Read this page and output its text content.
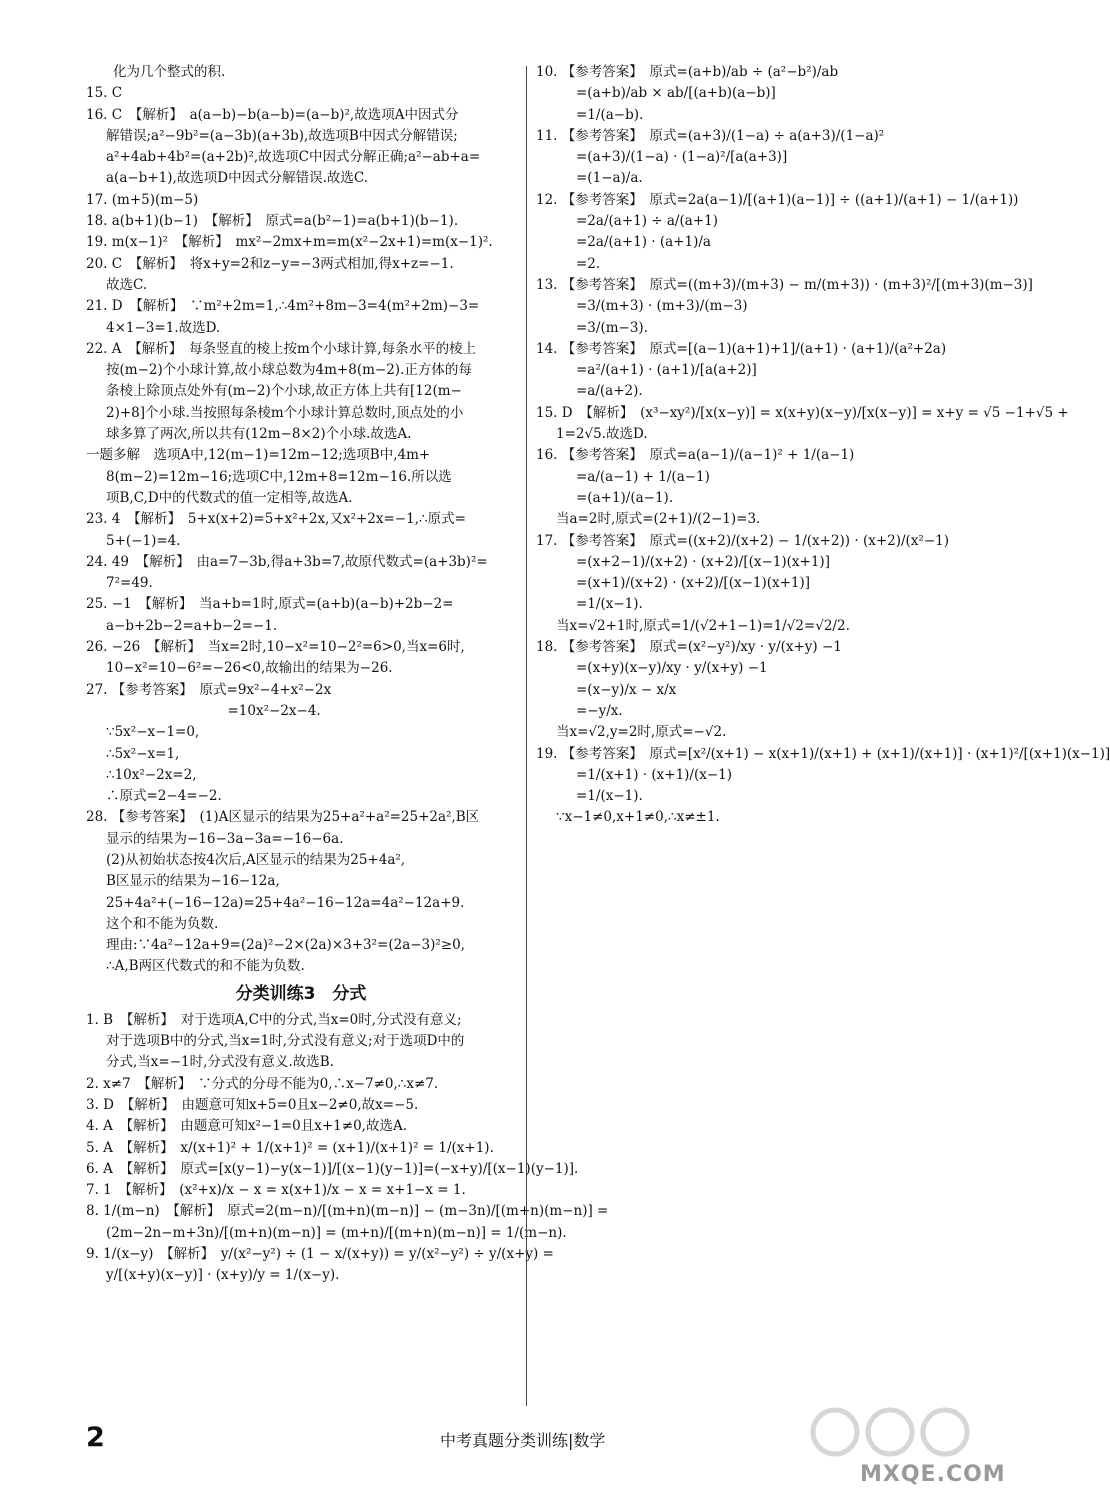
　　化为几个整式的积.
15. C
16. C　【解析】　a(a−b)−b(a−b)=(a−b)²,故选项A中因式分
解错误;a²−9b²=(a−3b)(a+3b),故选项B中因式分解错误;
a²+4ab+4b²=(a+2b)²,故选项C中因式分解正确;a²−ab+a=
a(a−b+1),故选项D中因式分解错误.故选C.
17. (m+5)(m−5)
18. a(b+1)(b−1)　【解析】　原式=a(b²−1)=a(b+1)(b−1).
19. m(x−1)²　【解析】　mx²−2mx+m=m(x²−2x+1)=m(x−1)².
20. C　【解析】　将x+y=2和z−y=−3两式相加,得x+z=−1.
故选C.
21. D　【解析】　∵m²+2m=1,∴4m²+8m−3=4(m²+2m)−3=
4×1−3=1.故选D.
22. A　【解析】　每条竖直的棱上按m个小球计算,每条水平的棱上
按(m−2)个小球计算,故小球总数为4m+8(m−2).正方体的每
条棱上除顶点处外有(m−2)个小球,故正方体上共有[12(m−
2)+8]个小球.当按照每条棱m个小球计算总数时,顶点处的小
球多算了两次,所以共有(12m−8×2)个小球.故选A.
一题多解　选项A中,12(m−1)=12m−12;选项B中,4m+
8(m−2)=12m−16;选项C中,12m+8=12m−16.所以选
项B,C,D中的代数式的值一定相等,故选A.
23. 4　【解析】　5+x(x+2)=5+x²+2x,又x²+2x=−1,∴原式=
5+(−1)=4.
24. 49　【解析】　由a=7−3b,得a+3b=7,故原代数式=(a+3b)²=
7²=49.
25. −1　【解析】　当a+b=1时,原式=(a+b)(a−b)+2b−2=
a−b+2b−2=a+b−2=−1.
26. −26　【解析】　当x=2时,10−x²=10−2²=6>0,当x=6时,
10−x²=10−6²=−26<0,故输出的结果为−26.
27. 【参考答案】　原式=9x²−4+x²−2x
　　　　　　　　　=10x²−2x−4.
∵5x²−x−1=0,
∴5x²−x=1,
∴10x²−2x=2,
∴原式=2−4=−2.
28. 【参考答案】　(1)A区显示的结果为25+a²+a²=25+2a²,B区
显示的结果为−16−3a−3a=−16−6a.
(2)从初始状态按4次后,A区显示的结果为25+4a²,
B区显示的结果为−16−12a,
25+4a²+(−16−12a)=25+4a²−16−12a=4a²−12a+9.
这个和不能为负数.
理由:∵4a²−12a+9=(2a)²−2×(2a)×3+3²=(2a−3)²≥0,
∴A,B两区代数式的和不能为负数.
分类训练3　分式
1. B　【解析】　对于选项A,C中的分式,当x=0时,分式没有意义;
对于选项B中的分式,当x=1时,分式没有意义;对于选项D中的
分式,当x=−1时,分式没有意义.故选B.
2. x≠7　【解析】　∵分式的分母不能为0,∴x−7≠0,∴x≠7.
3. D　【解析】　由题意可知x+5=0且x−2≠0,故x=−5.
4. A　【解析】　由题意可知x²−1=0且x+1≠0,故选A.
5. A　【解析】　x/(x+1)² + 1/(x+1)² = (x+1)/(x+1)² = 1/(x+1).
6. A　【解析】　原式=[x(y−1)−y(x−1)]/[(x−1)(y−1)]=(−x+y)/[(x−1)(y−1)].
7. 1　【解析】　(x²+x)/x − x = x(x+1)/x − x = x+1−x = 1.
8. 1/(m−n)　【解析】　原式=2(m−n)/[(m+n)(m−n)] − (m−3n)/[(m+n)(m−n)] =
(2m−2n−m+3n)/[(m+n)(m−n)] = (m+n)/[(m+n)(m−n)] = 1/(m−n).
9. 1/(x−y)　【解析】　y/(x²−y²) ÷ (1 − x/(x+y)) = y/(x²−y²) ÷ y/(x+y) =
y/[(x+y)(x−y)] · (x+y)/y = 1/(x−y).
10. 【参考答案】　原式=(a+b)/ab ÷ (a²−b²)/ab
=(a+b)/ab × ab/[(a+b)(a−b)]
=1/(a−b).
11. 【参考答案】　原式=(a+3)/(1−a) ÷ a(a+3)/(1−a)²
=(a+3)/(1−a) · (1−a)²/[a(a+3)]
=(1−a)/a.
12. 【参考答案】　原式=2a(a−1)/[(a+1)(a−1)] ÷ ((a+1)/(a+1) − 1/(a+1))
=2a/(a+1) ÷ a/(a+1)
=2a/(a+1) · (a+1)/a
=2.
13. 【参考答案】　原式=((m+3)/(m+3) − m/(m+3)) · (m+3)²/[(m+3)(m−3)]
=3/(m+3) · (m+3)/(m−3)
=3/(m−3).
14. 【参考答案】　原式=[(a−1)(a+1)+1]/(a+1) · (a+1)/(a²+2a)
=a²/(a+1) · (a+1)/[a(a+2)]
=a/(a+2).
15. D　【解析】　(x³−xy²)/[x(x−y)] = x(x+y)(x−y)/[x(x−y)] = x+y = √5 −1+√5 +
1=2√5.故选D.
16. 【参考答案】　原式=a(a−1)/(a−1)² + 1/(a−1)
=a/(a−1) + 1/(a−1)
=(a+1)/(a−1).
当a=2时,原式=(2+1)/(2−1)=3.
17. 【参考答案】　原式=((x+2)/(x+2) − 1/(x+2)) · (x+2)/(x²−1)
=(x+2−1)/(x+2) · (x+2)/[(x−1)(x+1)]
=(x+1)/(x+2) · (x+2)/[(x−1)(x+1)]
=1/(x−1).
当x=√2+1时,原式=1/(√2+1−1)=1/√2=√2/2.
18. 【参考答案】　原式=(x²−y²)/xy · y/(x+y) −1
=(x+y)(x−y)/xy · y/(x+y) −1
=(x−y)/x − x/x
=−y/x.
当x=√2,y=2时,原式=−√2.
19. 【参考答案】　原式=[x²/(x+1) − x(x+1)/(x+1) + (x+1)/(x+1)] · (x+1)²/[(x+1)(x−1)]
=1/(x+1) · (x+1)/(x−1)
=1/(x−1).
∵x−1≠0,x+1≠0,∴x≠±1.
2	中考真题分类训练|数学
MXQE.COM
